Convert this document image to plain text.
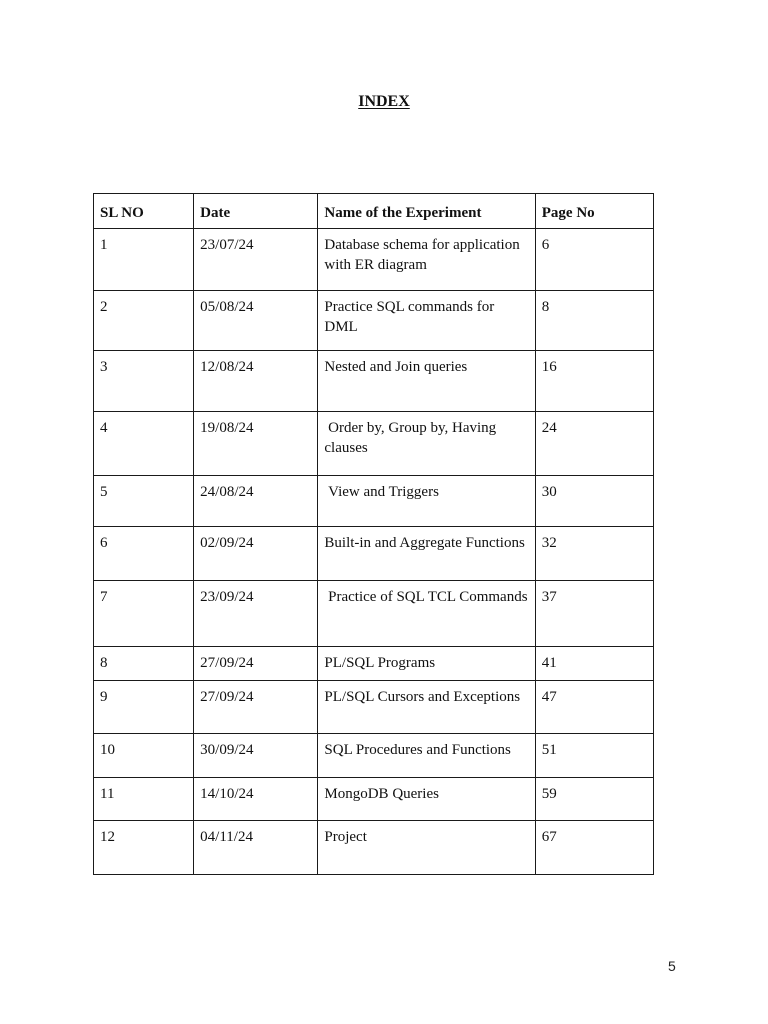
INDEX
SL NO	Date	Name of the Experiment	Page No
1	23/07/24	Database schema for application with ER diagram	6
2	05/08/24	Practice SQL commands for DML	8
3	12/08/24	Nested and Join queries	16
4	19/08/24	Order by, Group by, Having clauses	24
5	24/08/24	View and Triggers	30
6	02/09/24	Built-in and Aggregate Functions	32
7	23/09/24	Practice of SQL TCL Commands	37
8	27/09/24	PL/SQL Programs	41
9	27/09/24	PL/SQL Cursors and Exceptions	47
10	30/09/24	SQL Procedures and Functions	51
11	14/10/24	MongoDB Queries	59
12	04/11/24	Project	67
5
